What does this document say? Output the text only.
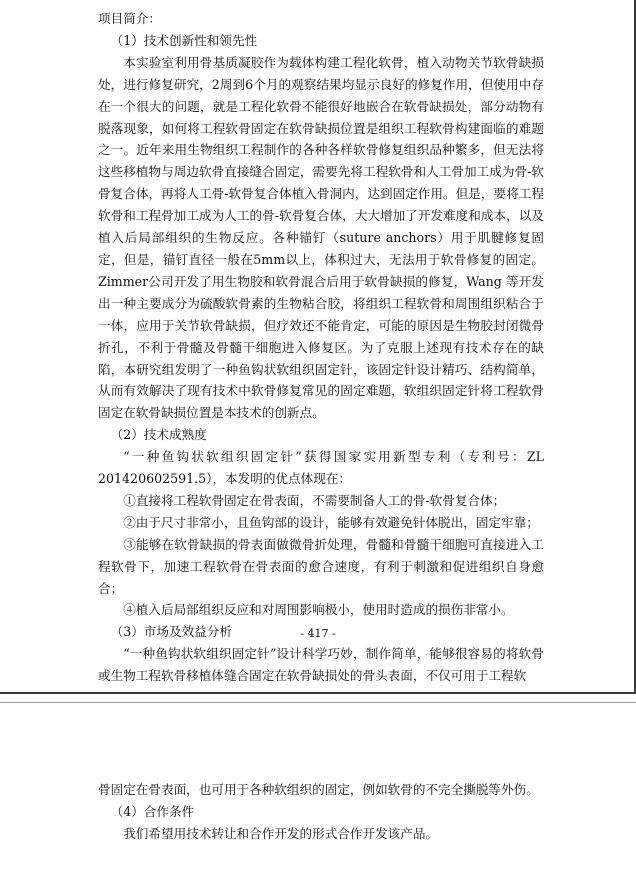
项目简介：

（1）技术创新性和领先性

本实验室利用骨基质凝胶作为载体构建工程化软骨，植入动物关节软骨缺损处，进行修复研究，2周到6个月的观察结果均显示良好的修复作用，但使用中存在一个很大的问题，就是工程化软骨不能很好地嵌合在软骨缺损处，部分动物有脱落现象，如何将工程软骨固定在软骨缺损位置是组织工程软骨构建面临的难题之一。近年来用生物组织工程制作的各种各样软骨修复组织品种繁多，但无法将这些移植物与周边软骨直接缝合固定，需要先将工程软骨和人工骨加工成为骨-软骨复合体，再将人工骨-软骨复合体植入骨洞内，达到固定作用。但是，要将工程软骨和工程骨加工成为人工的骨-软骨复合体，大大增加了开发难度和成本，以及植入后局部组织的生物反应。各种锚钉（suture anchors）用于肌腱修复固定，但是，锚钉直径一般在5mm以上，体积过大，无法用于软骨修复的固定。Zimmer公司开发了用生物胶和软骨混合后用于软骨缺损的修复，Wang 等开发出一种主要成分为硫酸软骨素的生物粘合胶，将组织工程软骨和周围组织粘合于一体，应用于关节软骨缺损，但疗效还不能肯定，可能的原因是生物胶封闭微骨折孔，不利于骨髓及骨髓干细胞进入修复区。为了克服上述现有技术存在的缺陷，本研究组发明了一种鱼钩状软组织固定针，该固定针设计精巧、结构简单，从而有效解决了现有技术中软骨修复常见的固定难题，软组织固定针将工程软骨固定在软骨缺损位置是本技术的创新点。

（2）技术成熟度

“一种鱼钩状软组织固定针”获得国家实用新型专利（专利号：ZL 201420602591.5），本发明的优点体现在：

①直接将工程软骨固定在骨表面，不需要制备人工的骨-软骨复合体；

②由于尺寸非常小，且鱼钩部的设计，能够有效避免针体脱出，固定牢靠；

③能够在软骨缺损的骨表面做微骨折处理，骨髓和骨髓干细胞可直接进入工程软骨下，加速工程软骨在骨表面的愈合速度，有利于刺激和促进组织自身愈合；

④植入后局部组织反应和对周围影响极小，使用时造成的损伤非常小。

（3）市场及效益分析

“一种鱼钩状软组织固定针”设计科学巧妙，制作简单，能够很容易的将软骨或生物工程软骨移植体缝合固定在软骨缺损处的骨头表面，不仅可用于工程软

- 417 -

骨固定在骨表面，也可用于各种软组织的固定，例如软骨的不完全撕脱等外伤。

（4）合作条件

我们希望用技术转让和合作开发的形式合作开发该产品。
